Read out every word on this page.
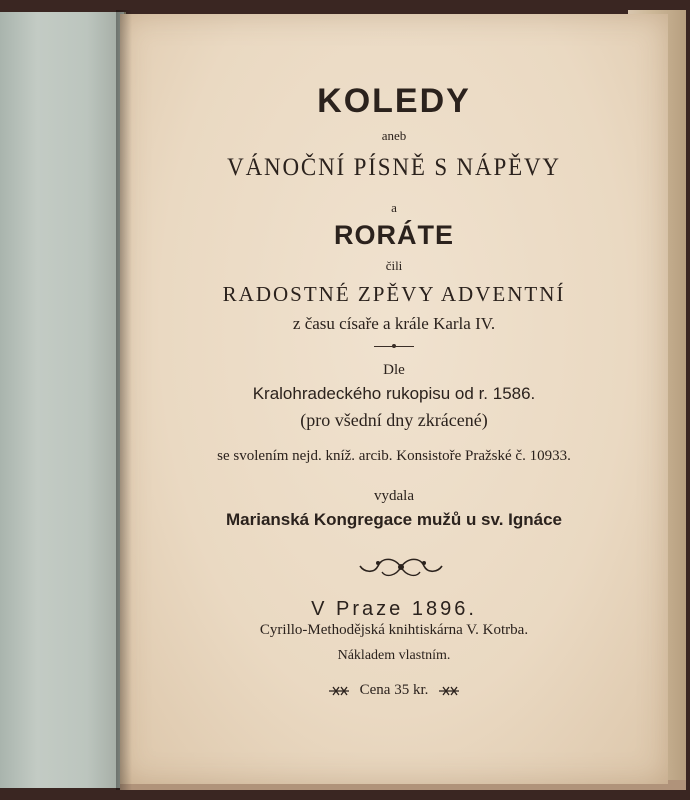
KOLEDY
aneb
VÁNOČNÍ PÍSNĚ S NÁPĚVY
a
RORÁTE
čili
RADOSTNÉ ZPĚVY ADVENTNÍ
z času císaře a krále Karla IV.
Dle
Kralohradeckého rukopisu od r. 1586.
(pro všední dny zkrácené)
se svolením nejd. kníž. arcib. Konsistoře Pražské č. 10933.
vydala
Marianská Kongregace mužů u sv. Ignáce
V Praze 1896.
Cyrillo-Methodějská knihtiskárna V. Kotrba.
Nákladem vlastním.
Cena 35 kr.
